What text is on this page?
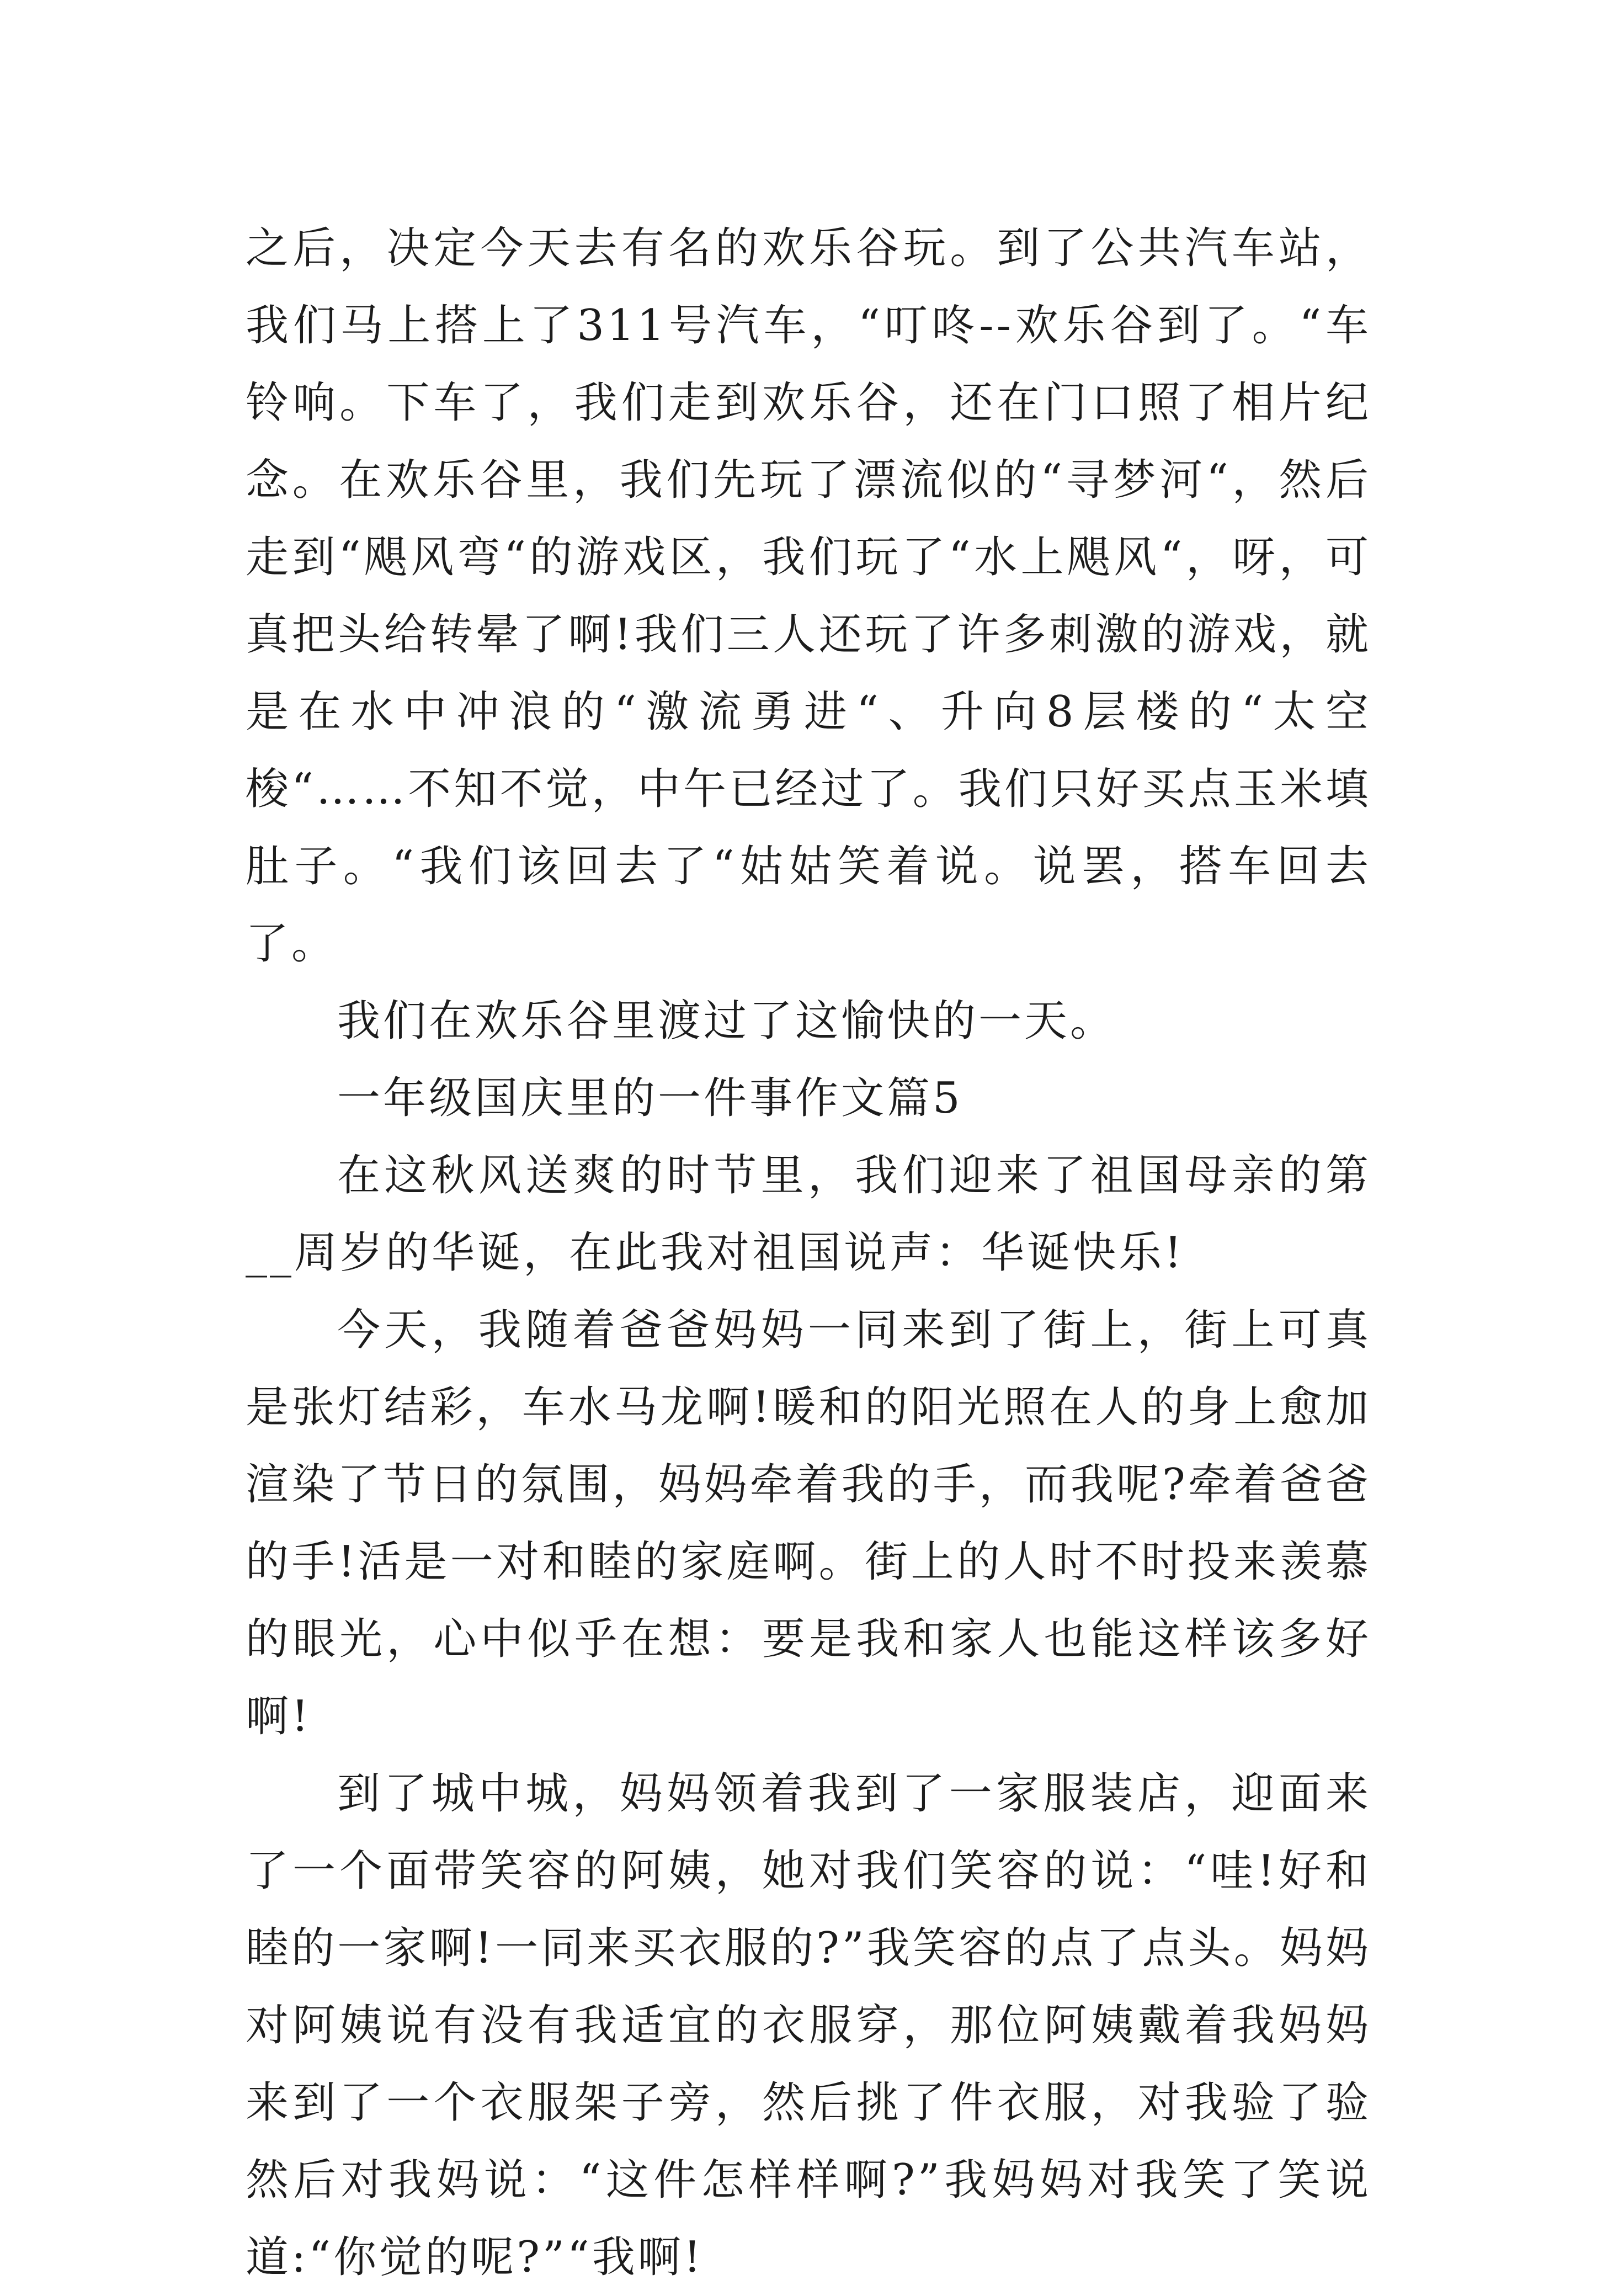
之后，决定今天去有名的欢乐谷玩。到了公共汽车站，我们马上搭上了311号汽车，“叮咚--欢乐谷到了。“车铃响。下车了，我们走到欢乐谷，还在门口照了相片纪念。在欢乐谷里，我们先玩了漂流似的“寻梦河“，然后走到“飓风弯“的游戏区，我们玩了“水上飓风“，呀，可真把头给转晕了啊!我们三人还玩了许多刺激的游戏，就是在水中冲浪的“激流勇进“、升向8层楼的“太空梭“……不知不觉，中午已经过了。我们只好买点玉米填肚子。“我们该回去了“姑姑笑着说。说罢，搭车回去了。

我们在欢乐谷里渡过了这愉快的一天。

一年级国庆里的一件事作文篇5

在这秋风送爽的时节里，我们迎来了祖国母亲的第__周岁的华诞，在此我对祖国说声：华诞快乐!

今天，我随着爸爸妈妈一同来到了街上，街上可真是张灯结彩，车水马龙啊!暖和的阳光照在人的身上愈加渲染了节日的氛围，妈妈牵着我的手，而我呢?牵着爸爸的手!活是一对和睦的家庭啊。街上的人时不时投来羡慕的眼光，心中似乎在想：要是我和家人也能这样该多好啊!

到了城中城，妈妈领着我到了一家服装店，迎面来了一个面带笑容的阿姨，她对我们笑容的说：“哇!好和睦的一家啊!一同来买衣服的?”我笑容的点了点头。妈妈对阿姨说有没有我适宜的衣服穿，那位阿姨戴着我妈妈来到了一个衣服架子旁，然后挑了件衣服，对我验了验然后对我妈说：“这件怎样样啊?”我妈妈对我笑了笑说道:“你觉的呢?”“我啊!
